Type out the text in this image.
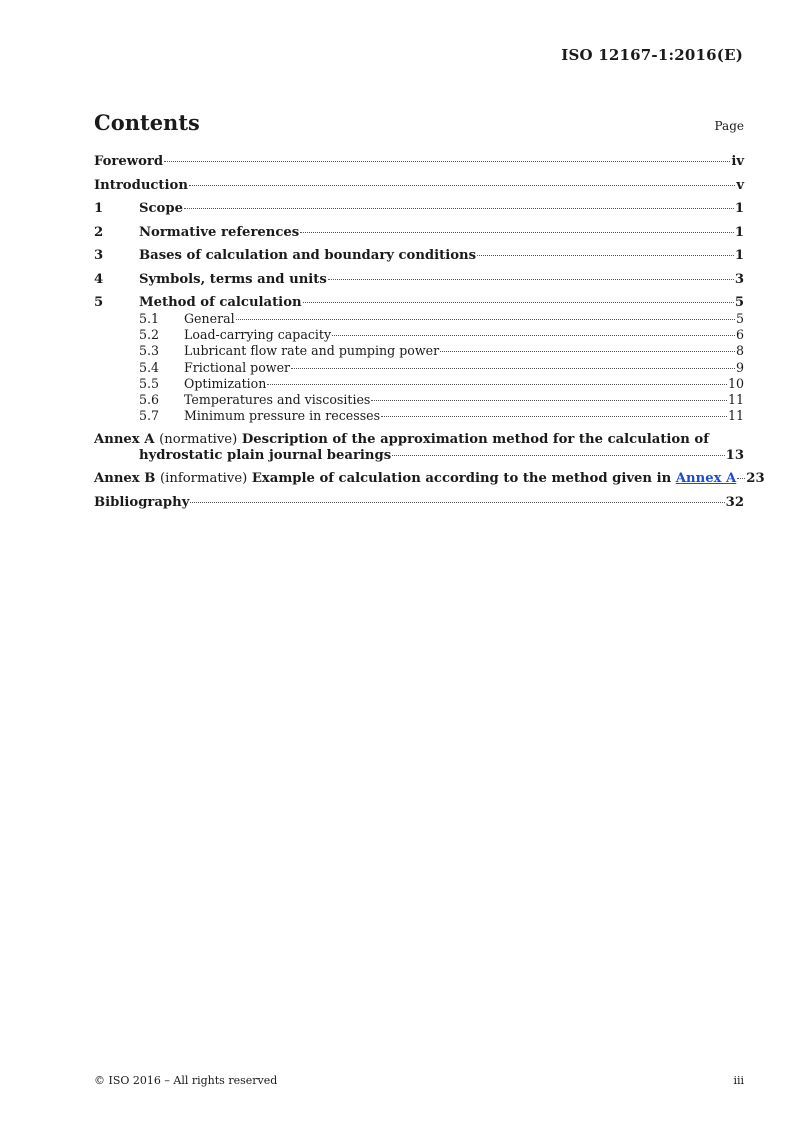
ISO 12167-1:2016(E)
Contents	Page
Foreword	iv
Introduction	v
1	Scope	1
2	Normative references	1
3	Bases of calculation and boundary conditions	1
4	Symbols, terms and units	3
5	Method of calculation	5
5.1	General	5
5.2	Load-carrying capacity	6
5.3	Lubricant flow rate and pumping power	8
5.4	Frictional power	9
5.5	Optimization	10
5.6	Temperatures and viscosities	11
5.7	Minimum pressure in recesses	11
Annex A (normative) Description of the approximation method for the calculation of
hydrostatic plain journal bearings	13
Annex B (informative) Example of calculation according to the method given in Annex A 23
Bibliography	32
© ISO 2016 – All rights reserved	iii
